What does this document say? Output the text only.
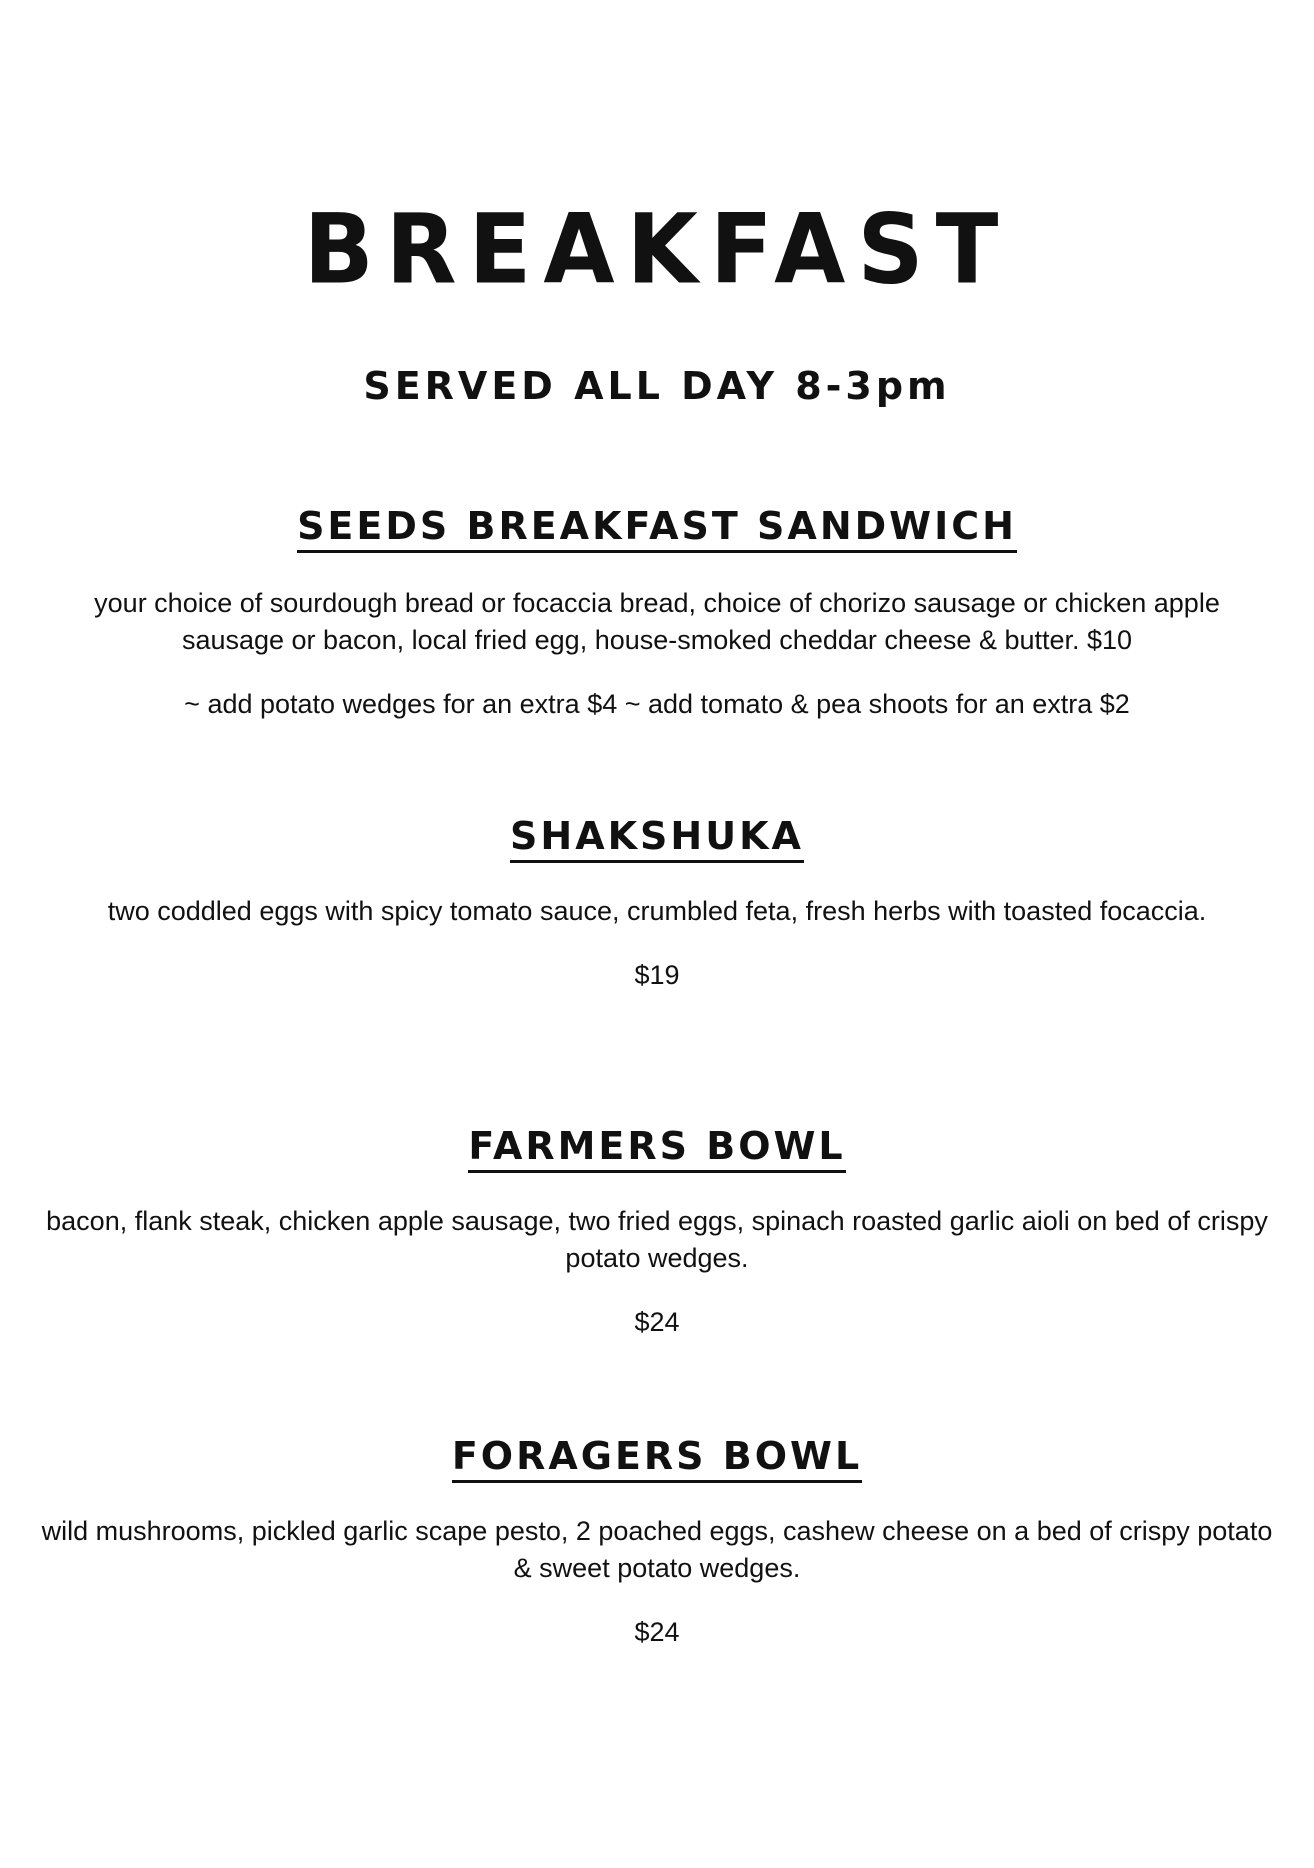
BREAKFAST
SERVED ALL DAY 8-3pm
SEEDS BREAKFAST SANDWICH

your choice of sourdough bread or focaccia bread, choice of chorizo sausage or chicken apple sausage or bacon, local fried egg, house-smoked cheddar cheese & butter. $10

~ add potato wedges for an extra $4 ~ add tomato & pea shoots for an extra $2

SHAKSHUKA

two coddled eggs with spicy tomato sauce, crumbled feta, fresh herbs with toasted focaccia.

$19

FARMERS BOWL

bacon, flank steak, chicken apple sausage, two fried eggs, spinach roasted garlic aioli on bed of crispy potato wedges.

$24

FORAGERS BOWL

wild mushrooms, pickled garlic scape pesto, 2 poached eggs, cashew cheese on a bed of crispy potato & sweet potato wedges.

$24
